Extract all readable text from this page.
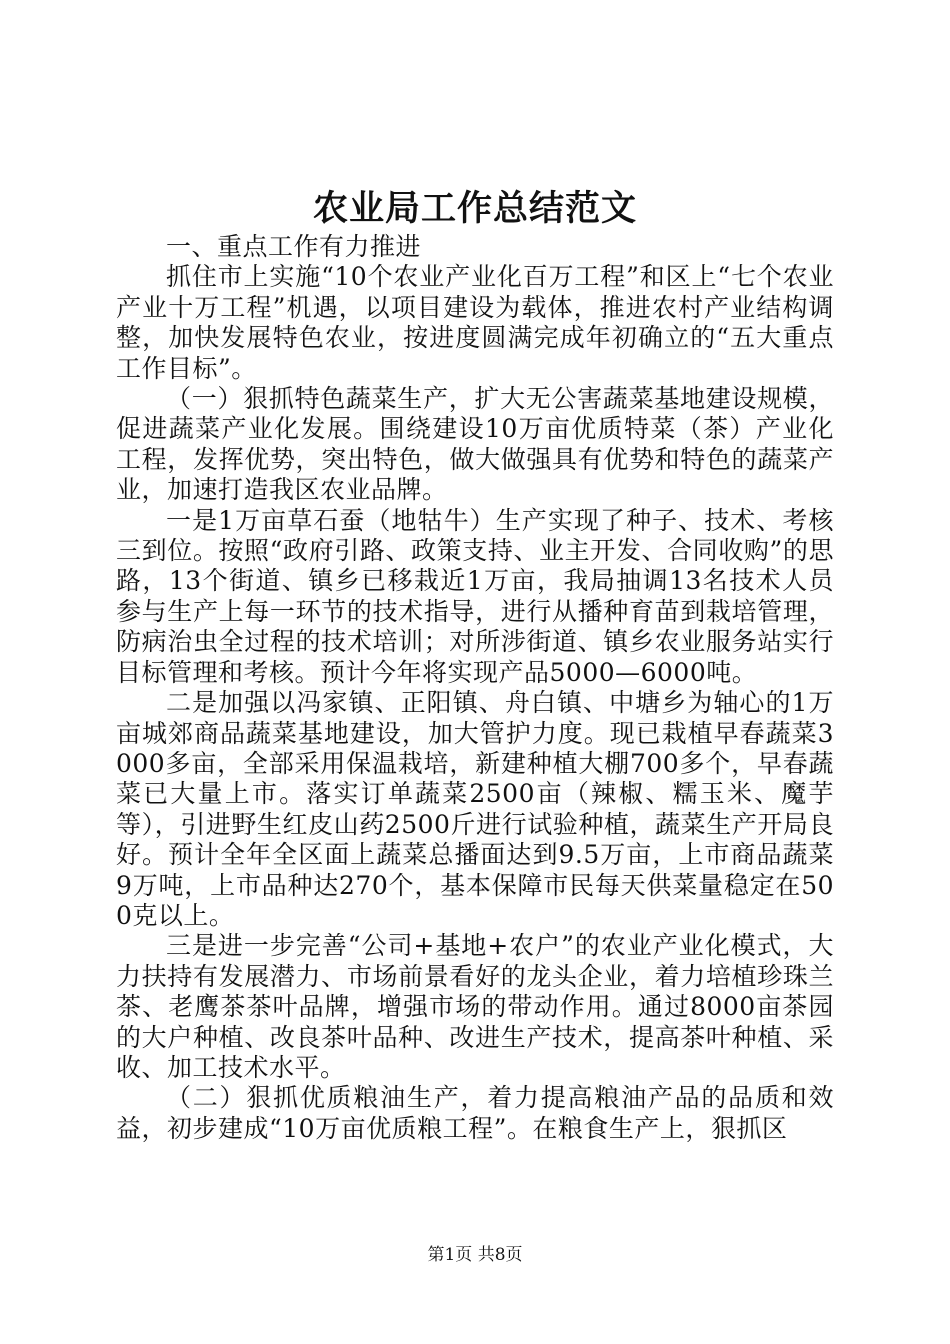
农业局工作总结范文

一、重点工作有力推进

抓住市上实施“10个农业产业化百万工程”和区上“七个农业产业十万工程”机遇，以项目建设为载体，推进农村产业结构调整，加快发展特色农业，按进度圆满完成年初确立的“五大重点工作目标”。

（一）狠抓特色蔬菜生产，扩大无公害蔬菜基地建设规模，促进蔬菜产业化发展。围绕建设10万亩优质特菜（茶）产业化工程，发挥优势，突出特色，做大做强具有优势和特色的蔬菜产业，加速打造我区农业品牌。

一是1万亩草石蚕（地牯牛）生产实现了种子、技术、考核三到位。按照“政府引路、政策支持、业主开发、合同收购”的思路，13个街道、镇乡已移栽近1万亩，我局抽调13名技术人员参与生产上每一环节的技术指导，进行从播种育苗到栽培管理，防病治虫全过程的技术培训；对所涉街道、镇乡农业服务站实行目标管理和考核。预计今年将实现产品5000—6000吨。

二是加强以冯家镇、正阳镇、舟白镇、中塘乡为轴心的1万亩城郊商品蔬菜基地建设，加大管护力度。现已栽植早春蔬菜3000多亩，全部采用保温栽培，新建种植大棚700多个，早春蔬菜已大量上市。落实订单蔬菜2500亩（辣椒、糯玉米、魔芋等），引进野生红皮山药2500斤进行试验种植，蔬菜生产开局良好。预计全年全区面上蔬菜总播面达到9.5万亩，上市商品蔬菜9万吨，上市品种达270个，基本保障市民每天供菜量稳定在500克以上。

三是进一步完善“公司+基地+农户”的农业产业化模式，大力扶持有发展潜力、市场前景看好的龙头企业，着力培植珍珠兰茶、老鹰茶茶叶品牌，增强市场的带动作用。通过8000亩茶园的大户种植、改良茶叶品种、改进生产技术，提高茶叶种植、采收、加工技术水平。

（二）狠抓优质粮油生产，着力提高粮油产品的品质和效益，初步建成“10万亩优质粮工程”。在粮食生产上，狠抓区

第1页 共8页
